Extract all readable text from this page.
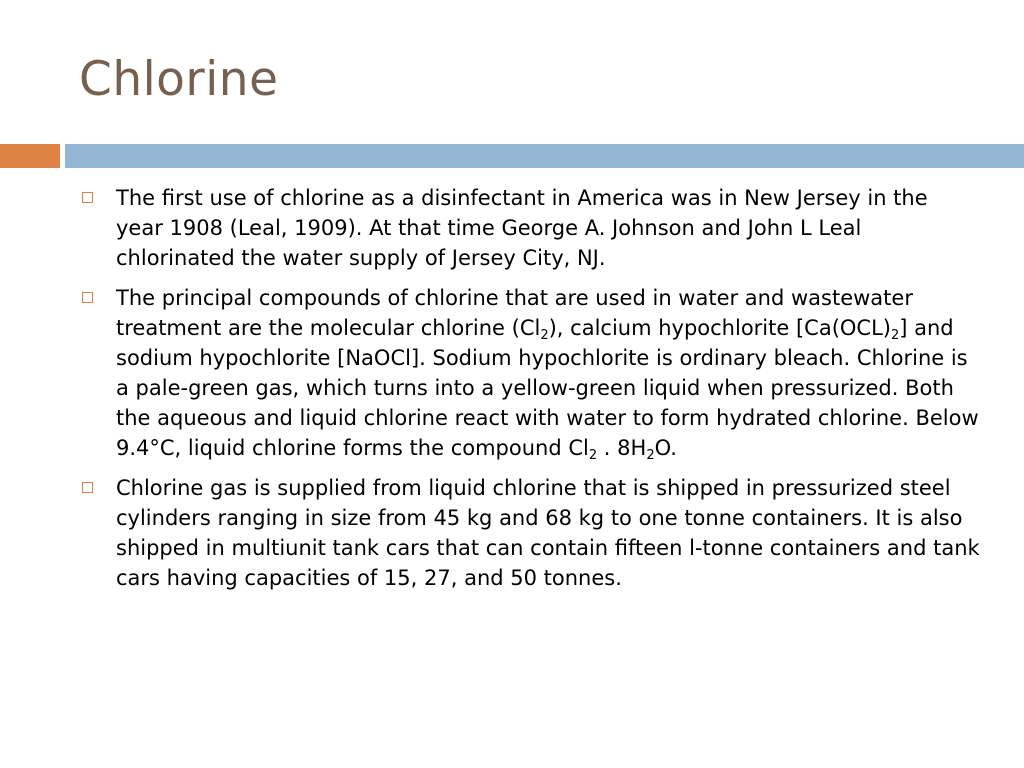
Chlorine
The first use of chlorine as a disinfectant in America was in New Jersey in the year 1908 (Leal, 1909). At that time George A. Johnson and John L Leal chlorinated the water supply of Jersey City, NJ.
The principal compounds of chlorine that are used in water and wastewater treatment are the molecular chlorine $(Cl_2)$, calcium hypochlorite $[Ca(OCL)_2]$ and sodium hypochlorite [NaOCl]. Sodium hypochlorite is ordinary bleach. Chlorine is a pale-green gas, which turns into a yellow-green liquid when pressurized. Both the aqueous and liquid chlorine react with water to form hydrated chlorine. Below 9.4°C, liquid chlorine forms the compound $Cl_2$ . $8H_2O$.
Chlorine gas is supplied from liquid chlorine that is shipped in pressurized steel cylinders ranging in size from 45 kg and 68 kg to one tonne containers. It is also shipped in multiunit tank cars that can contain fifteen l-tonne containers and tank cars having capacities of 15, 27, and 50 tonnes.
